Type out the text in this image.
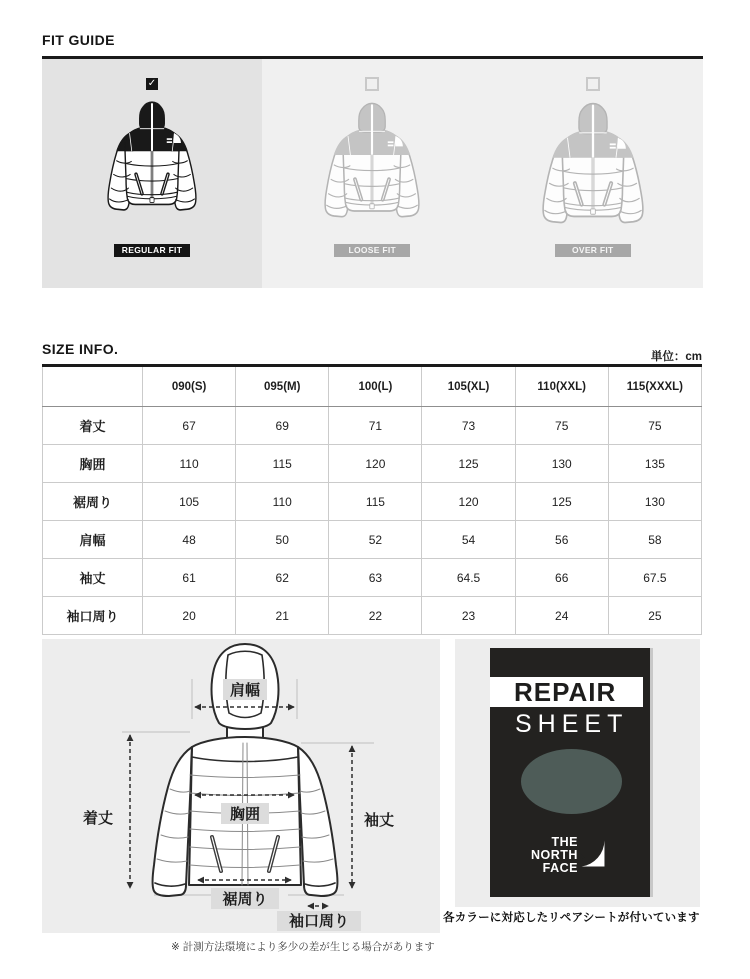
FIT GUIDE
✓
REGULAR FIT	LOOSE FIT	OVER FIT
SIZE INFO.	単位：cm
	090(S)	095(M)	100(L)	105(XL)	110(XXL)	115(XXXL)
着丈	67	69	71	73	75	75
胸囲	110	115	120	125	130	135
裾周り	105	110	115	120	125	130
肩幅	48	50	52	54	56	58
袖丈	61	62	63	64.5	66	67.5
袖口周り	20	21	22	23	24	25
肩幅
着丈	胸囲	袖丈
裾周り
袖口周り
REPAIR
SHEET
THE
NORTH
FACE
各カラーに対応したリペアシートが付いています
※ 計測方法環境により多少の差が生じる場合があります
